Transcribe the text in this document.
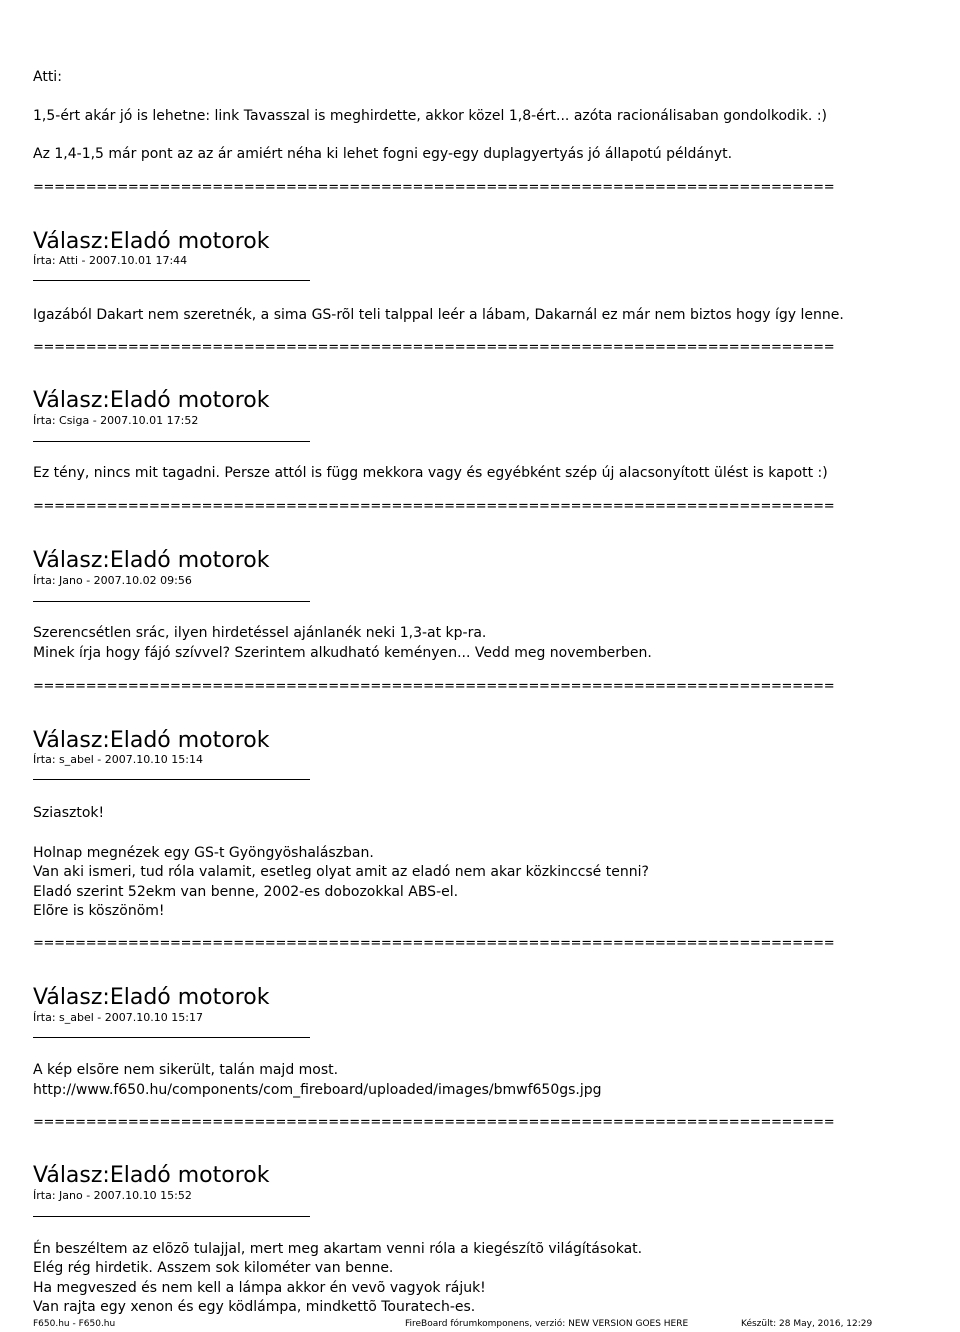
Atti:
1,5-ért akár jó is lehetne: link Tavasszal is meghirdette, akkor közel 1,8-ért... azóta racionálisaban gondolkodik. :)
Az 1,4-1,5 már pont az az ár amiért néha ki lehet fogni egy-egy duplagyertyás jó állapotú példányt.
============================================================================
Válasz:Eladó motorok
Írta: Atti - 2007.10.01 17:44
Igazából Dakart nem szeretnék, a sima GS-rõl teli talppal leér a lábam, Dakarnál ez már nem biztos hogy így lenne.
============================================================================
Válasz:Eladó motorok
Írta: Csiga - 2007.10.01 17:52
Ez tény, nincs mit tagadni. Persze attól is függ mekkora vagy és egyébként szép új alacsonyított ülést is kapott :)
============================================================================
Válasz:Eladó motorok
Írta: Jano - 2007.10.02 09:56
Szerencsétlen srác, ilyen hirdetéssel ajánlanék neki 1,3-at kp-ra.
Minek írja hogy fájó szívvel? Szerintem alkudható keményen... Vedd meg novemberben.
============================================================================
Válasz:Eladó motorok
Írta: s_abel - 2007.10.10 15:14
Sziasztok!
Holnap megnézek egy GS-t Gyöngyöshalászban.
Van aki ismeri, tud róla valamit, esetleg olyat amit az eladó nem akar közkinccsé tenni?
Eladó szerint 52ekm van benne, 2002-es dobozokkal ABS-el.
Elõre is köszönöm!
============================================================================
Válasz:Eladó motorok
Írta: s_abel - 2007.10.10 15:17
A kép elsõre nem sikerült, talán majd most.
http://www.f650.hu/components/com_fireboard/uploaded/images/bmwf650gs.jpg
============================================================================
Válasz:Eladó motorok
Írta: Jano - 2007.10.10 15:52
Én beszéltem az elõzõ tulajjal, mert meg akartam venni róla a kiegészítõ világításokat.
Elég rég hirdetik. Asszem sok kilométer van benne.
Ha megveszed és nem kell a lámpa akkor én vevõ vagyok rájuk!
Van rajta egy xenon és egy ködlámpa, mindkettõ Touratech-es.
F650.hu - F650.hu	FireBoard fórumkomponens, verzió: NEW VERSION GOES HERE	Készült: 28 May, 2016, 12:29
